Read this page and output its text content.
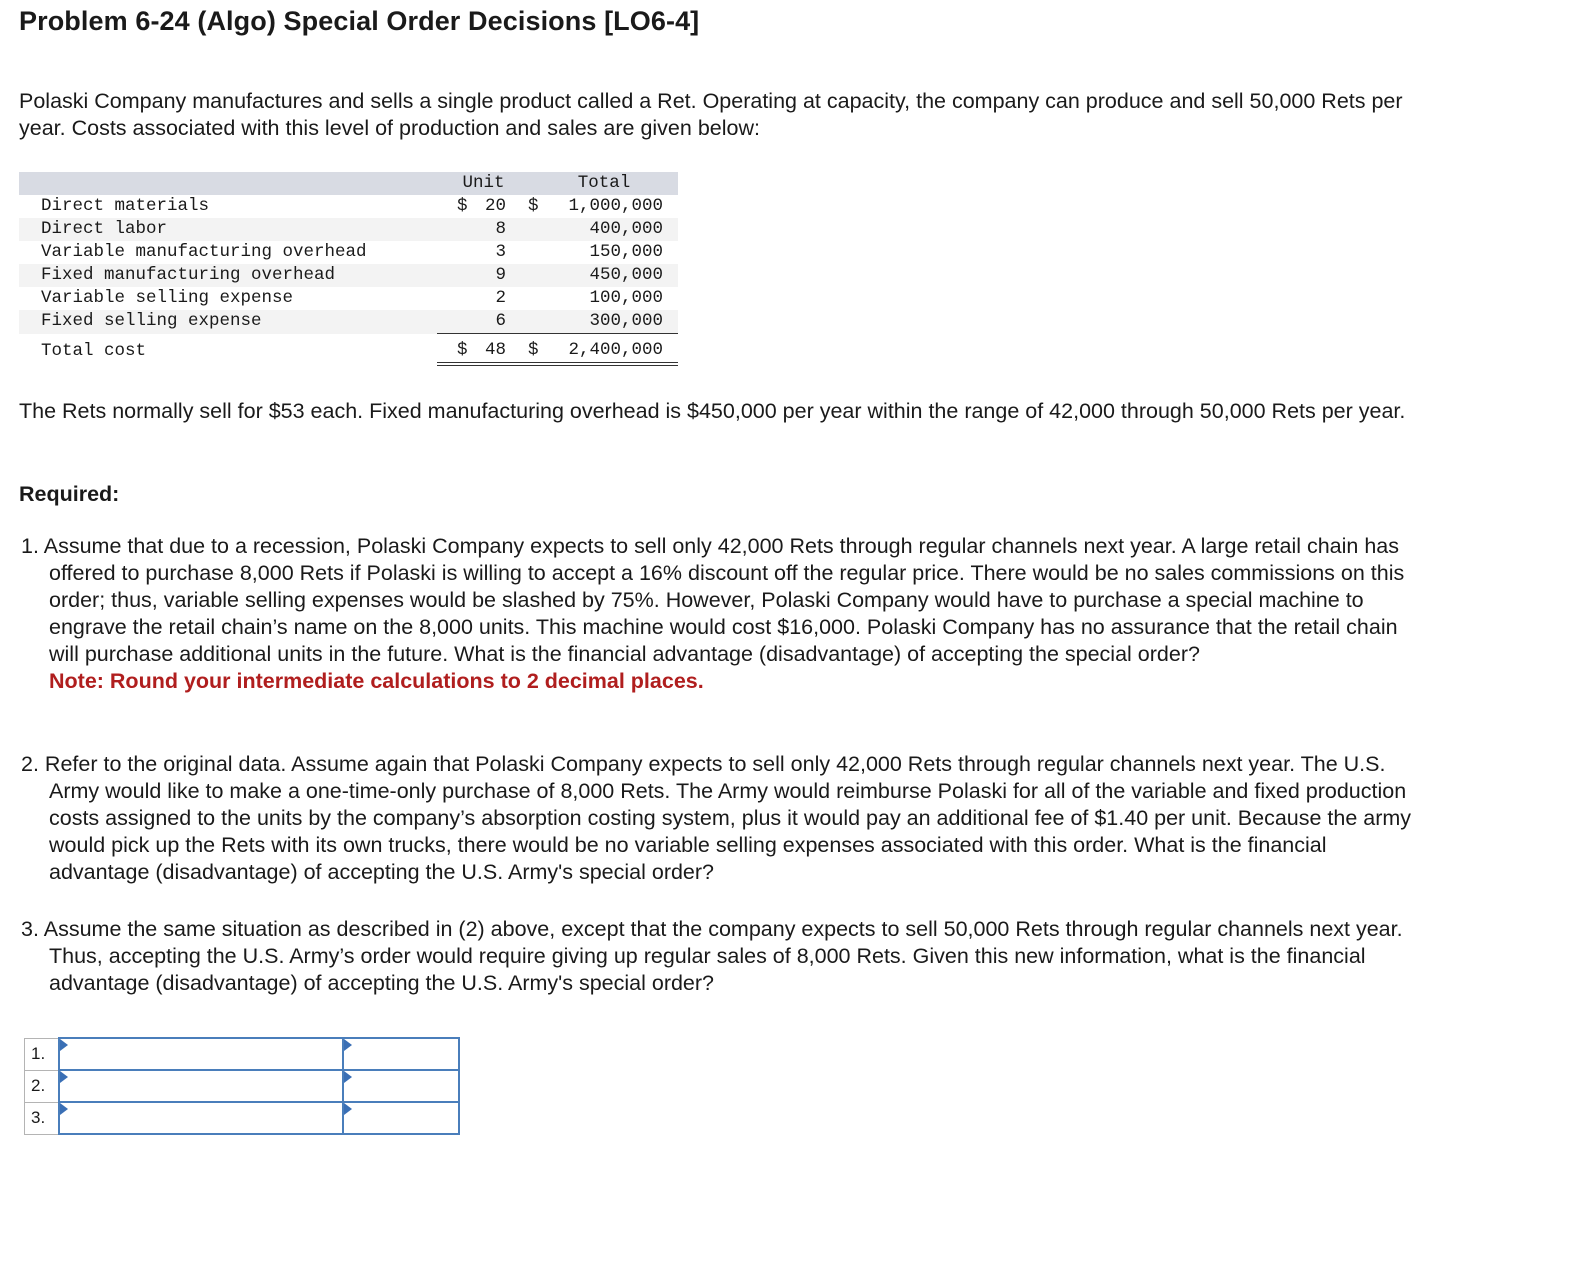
Problem 6-24 (Algo) Special Order Decisions [LO6-4]

Polaski Company manufactures and sells a single product called a Ret. Operating at capacity, the company can produce and sell 50,000 Rets per year. Costs associated with this level of production and sales are given below:

	Unit	Total
Direct materials	$ 20	$ 1,000,000
Direct labor	8	400,000
Variable manufacturing overhead	3	150,000
Fixed manufacturing overhead	9	450,000
Variable selling expense	2	100,000
Fixed selling expense	6	300,000
Total cost	$ 48	$ 2,400,000

The Rets normally sell for $53 each. Fixed manufacturing overhead is $450,000 per year within the range of 42,000 through 50,000 Rets per year.

Required:
1. Assume that due to a recession, Polaski Company expects to sell only 42,000 Rets through regular channels next year. A large retail chain has offered to purchase 8,000 Rets if Polaski is willing to accept a 16% discount off the regular price. There would be no sales commissions on this order; thus, variable selling expenses would be slashed by 75%. However, Polaski Company would have to purchase a special machine to engrave the retail chain’s name on the 8,000 units. This machine would cost $16,000. Polaski Company has no assurance that the retail chain will purchase additional units in the future. What is the financial advantage (disadvantage) of accepting the special order?
Note: Round your intermediate calculations to 2 decimal places.
2. Refer to the original data. Assume again that Polaski Company expects to sell only 42,000 Rets through regular channels next year. The U.S. Army would like to make a one-time-only purchase of 8,000 Rets. The Army would reimburse Polaski for all of the variable and fixed production costs assigned to the units by the company’s absorption costing system, plus it would pay an additional fee of $1.40 per unit. Because the army would pick up the Rets with its own trucks, there would be no variable selling expenses associated with this order. What is the financial advantage (disadvantage) of accepting the U.S. Army's special order?
3. Assume the same situation as described in (2) above, except that the company expects to sell 50,000 Rets through regular channels next year. Thus, accepting the U.S. Army’s order would require giving up regular sales of 8,000 Rets. Given this new information, what is the financial advantage (disadvantage) of accepting the U.S. Army's special order?
1.	

2.	

3.	
